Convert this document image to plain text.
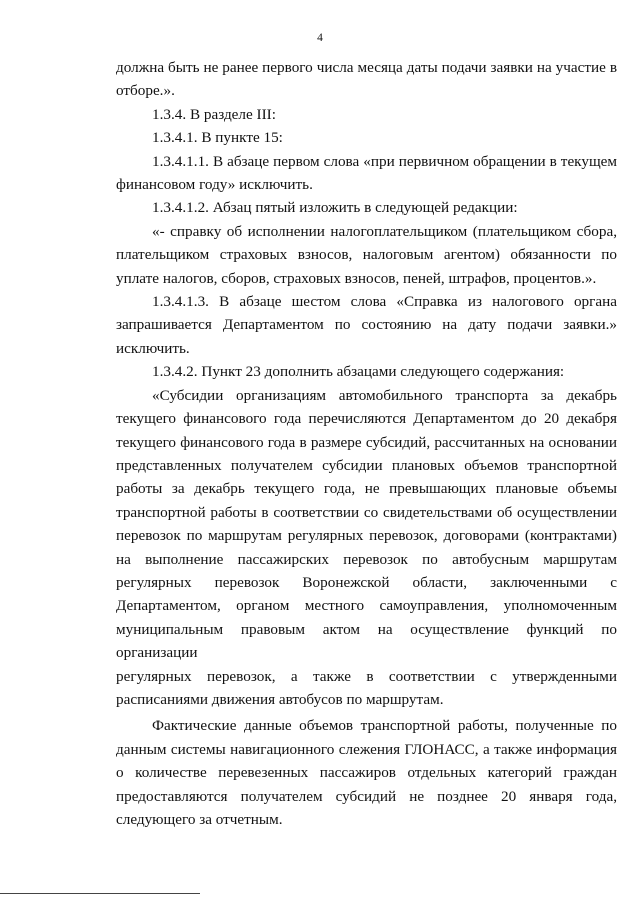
4

должна быть не ранее первого числа месяца даты подачи заявки на участие в
отборе.».

1.3.4. В разделе III:

1.3.4.1. В пункте 15:

1.3.4.1.1. В абзаце первом слова «при первичном обращении в текущем
финансовом году» исключить.

1.3.4.1.2. Абзац пятый изложить в следующей редакции:

«- справку об исполнении налогоплательщиком (плательщиком сбора,
плательщиком страховых взносов, налоговым агентом) обязанности по
уплате налогов, сборов, страховых взносов, пеней, штрафов, процентов.».

1.3.4.1.3. В абзаце шестом слова «Справка из налогового органа
запрашивается Департаментом по состоянию на дату подачи заявки.»
исключить.

1.3.4.2. Пункт 23 дополнить абзацами следующего содержания:

«Субсидии организациям автомобильного транспорта за декабрь
текущего финансового года перечисляются Департаментом до 20 декабря
текущего финансового года в размере субсидий, рассчитанных на основании
представленных получателем субсидии плановых объемов транспортной
работы за декабрь текущего года, не превышающих плановые объемы
транспортной работы в соответствии со свидетельствами об осуществлении
перевозок по маршрутам регулярных перевозок, договорами (контрактами)
на выполнение пассажирских перевозок по автобусным маршрутам
регулярных перевозок Воронежской области, заключенными с
Департаментом, органом местного самоуправления, уполномоченным
муниципальным правовым актом на осуществление функций по организации
регулярных перевозок, а также в соответствии с утвержденными
расписаниями движения автобусов по маршрутам.

Фактические данные объемов транспортной работы, полученные по
данным системы навигационного слежения ГЛОНАСС, а также информация
о количестве перевезенных пассажиров отдельных категорий граждан
предоставляются получателем субсидий не позднее 20 января года,
следующего за отчетным.
